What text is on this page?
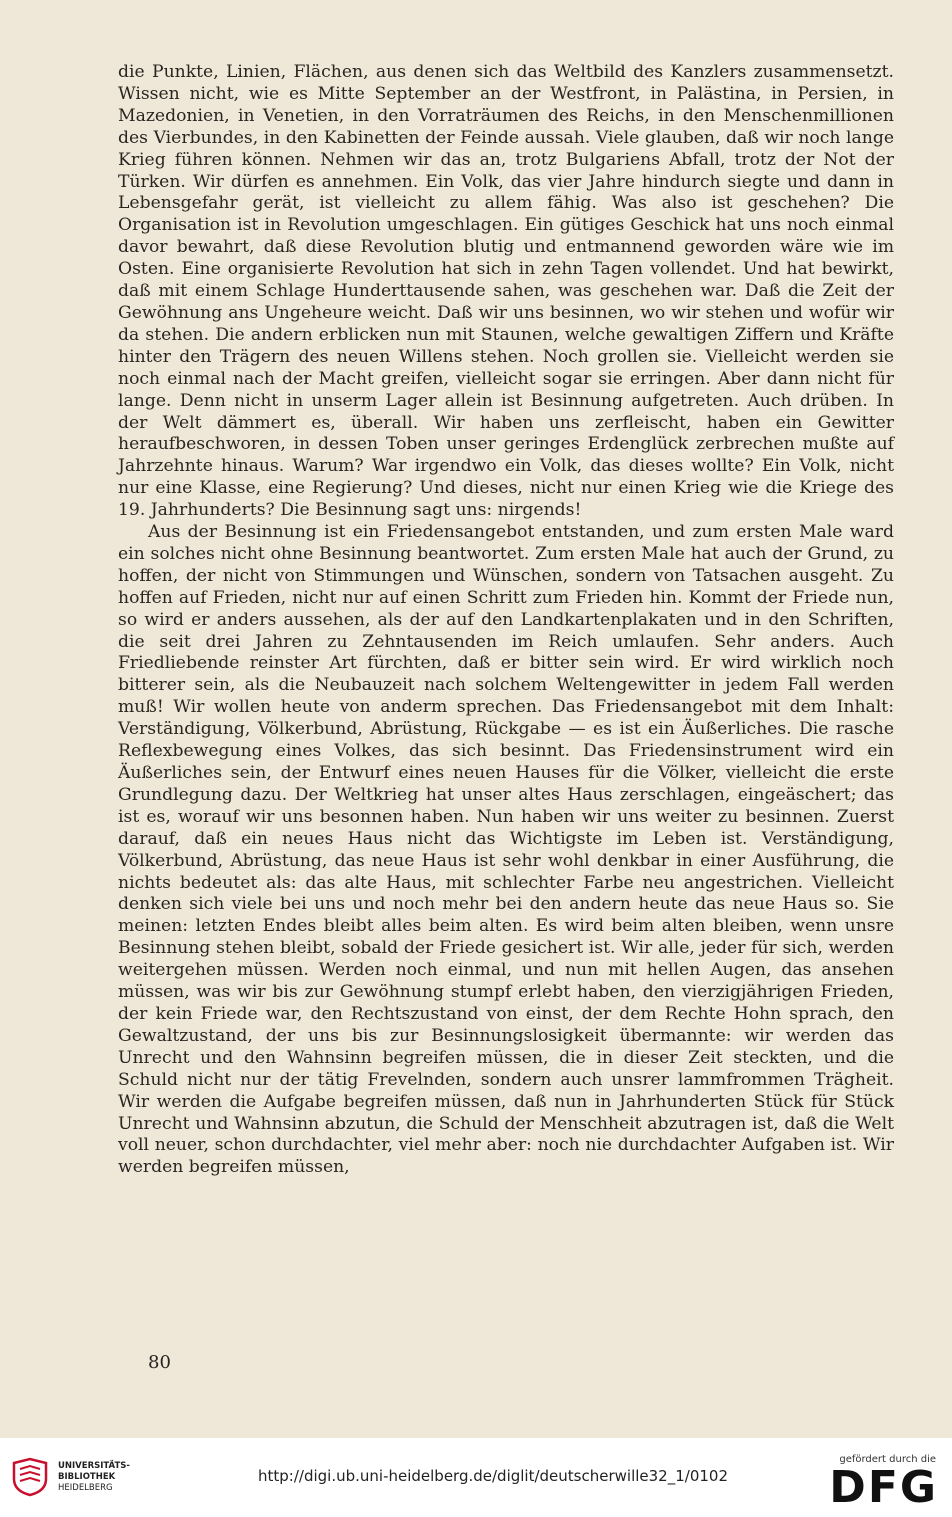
die Punkte, Linien, Flächen, aus denen sich das Weltbild des Kanzlers zusammensetzt. Wissen nicht, wie es Mitte September an der Westfront, in Palästina, in Persien, in Mazedonien, in Venetien, in den Vorraträumen des Reichs, in den Menschenmillionen des Vierbundes, in den Kabinetten der Feinde aussah. Viele glauben, daß wir noch lange Krieg führen können. Nehmen wir das an, trotz Bulgariens Abfall, trotz der Not der Türken. Wir dürfen es annehmen. Ein Volk, das vier Jahre hindurch siegte und dann in Lebensgefahr gerät, ist vielleicht zu allem fähig. Was also ist geschehen? Die Organisation ist in Revolution umgeschlagen. Ein gütiges Geschick hat uns noch einmal davor bewahrt, daß diese Revolution blutig und entmannend geworden wäre wie im Osten. Eine organisierte Revolution hat sich in zehn Tagen vollendet. Und hat bewirkt, daß mit einem Schlage Hunderttausende sahen, was geschehen war. Daß die Zeit der Gewöhnung ans Ungeheure weicht. Daß wir uns besinnen, wo wir stehen und wofür wir da stehen. Die andern erblicken nun mit Staunen, welche gewaltigen Ziffern und Kräfte hinter den Trägern des neuen Willens stehen. Noch grollen sie. Vielleicht werden sie noch einmal nach der Macht greifen, vielleicht sogar sie erringen. Aber dann nicht für lange. Denn nicht in unserm Lager allein ist Besinnung aufgetreten. Auch drüben. In der Welt dämmert es, überall. Wir haben uns zerfleischt, haben ein Gewitter heraufbeschworen, in dessen Toben unser geringes Erdenglück zerbrechen mußte auf Jahrzehnte hinaus. Warum? War irgendwo ein Volk, das dieses wollte? Ein Volk, nicht nur eine Klasse, eine Regierung? Und dieses, nicht nur einen Krieg wie die Kriege des 19. Jahrhunderts? Die Besinnung sagt uns: nirgends!

Aus der Besinnung ist ein Friedensangebot entstanden, und zum ersten Male ward ein solches nicht ohne Besinnung beantwortet. Zum ersten Male hat auch der Grund, zu hoffen, der nicht von Stimmungen und Wünschen, sondern von Tatsachen ausgeht. Zu hoffen auf Frieden, nicht nur auf einen Schritt zum Frieden hin. Kommt der Friede nun, so wird er anders aussehen, als der auf den Landkartenplakaten und in den Schriften, die seit drei Jahren zu Zehntausenden im Reich umlaufen. Sehr anders. Auch Friedliebende reinster Art fürchten, daß er bitter sein wird. Er wird wirklich noch bitterer sein, als die Neubauzeit nach solchem Weltengewitter in jedem Fall werden muß! Wir wollen heute von anderm sprechen. Das Friedensangebot mit dem Inhalt: Verständigung, Völkerbund, Abrüstung, Rückgabe — es ist ein Äußerliches. Die rasche Reflexbewegung eines Volkes, das sich besinnt. Das Friedensinstrument wird ein Äußerliches sein, der Entwurf eines neuen Hauses für die Völker, vielleicht die erste Grundlegung dazu. Der Weltkrieg hat unser altes Haus zerschlagen, eingeäschert; das ist es, worauf wir uns besonnen haben. Nun haben wir uns weiter zu besinnen. Zuerst darauf, daß ein neues Haus nicht das Wichtigste im Leben ist. Verständigung, Völkerbund, Abrüstung, das neue Haus ist sehr wohl denkbar in einer Ausführung, die nichts bedeutet als: das alte Haus, mit schlechter Farbe neu angestrichen. Vielleicht denken sich viele bei uns und noch mehr bei den andern heute das neue Haus so. Sie meinen: letzten Endes bleibt alles beim alten. Es wird beim alten bleiben, wenn unsre Besinnung stehen bleibt, sobald der Friede gesichert ist. Wir alle, jeder für sich, werden weitergehen müssen. Werden noch einmal, und nun mit hellen Augen, das ansehen müssen, was wir bis zur Gewöhnung stumpf erlebt haben, den vierzigjährigen Frieden, der kein Friede war, den Rechtszustand von einst, der dem Rechte Hohn sprach, den Gewaltzustand, der uns bis zur Besinnungslosigkeit übermannte: wir werden das Unrecht und den Wahnsinn begreifen müssen, die in dieser Zeit steckten, und die Schuld nicht nur der tätig Frevelnden, sondern auch unsrer lammfrommen Trägheit. Wir werden die Aufgabe begreifen müssen, daß nun in Jahrhunderten Stück für Stück Unrecht und Wahnsinn abzutun, die Schuld der Menschheit abzutragen ist, daß die Welt voll neuer, schon durchdachter, viel mehr aber: noch nie durchdachter Aufgaben ist. Wir werden begreifen müssen,

80
UNIVERSITÄTS-
BIBLIOTHEK
HEIDELBERG
http://digi.ub.uni-heidelberg.de/diglit/deutscherwille32_1/0102
gefördert durch die
DFG
